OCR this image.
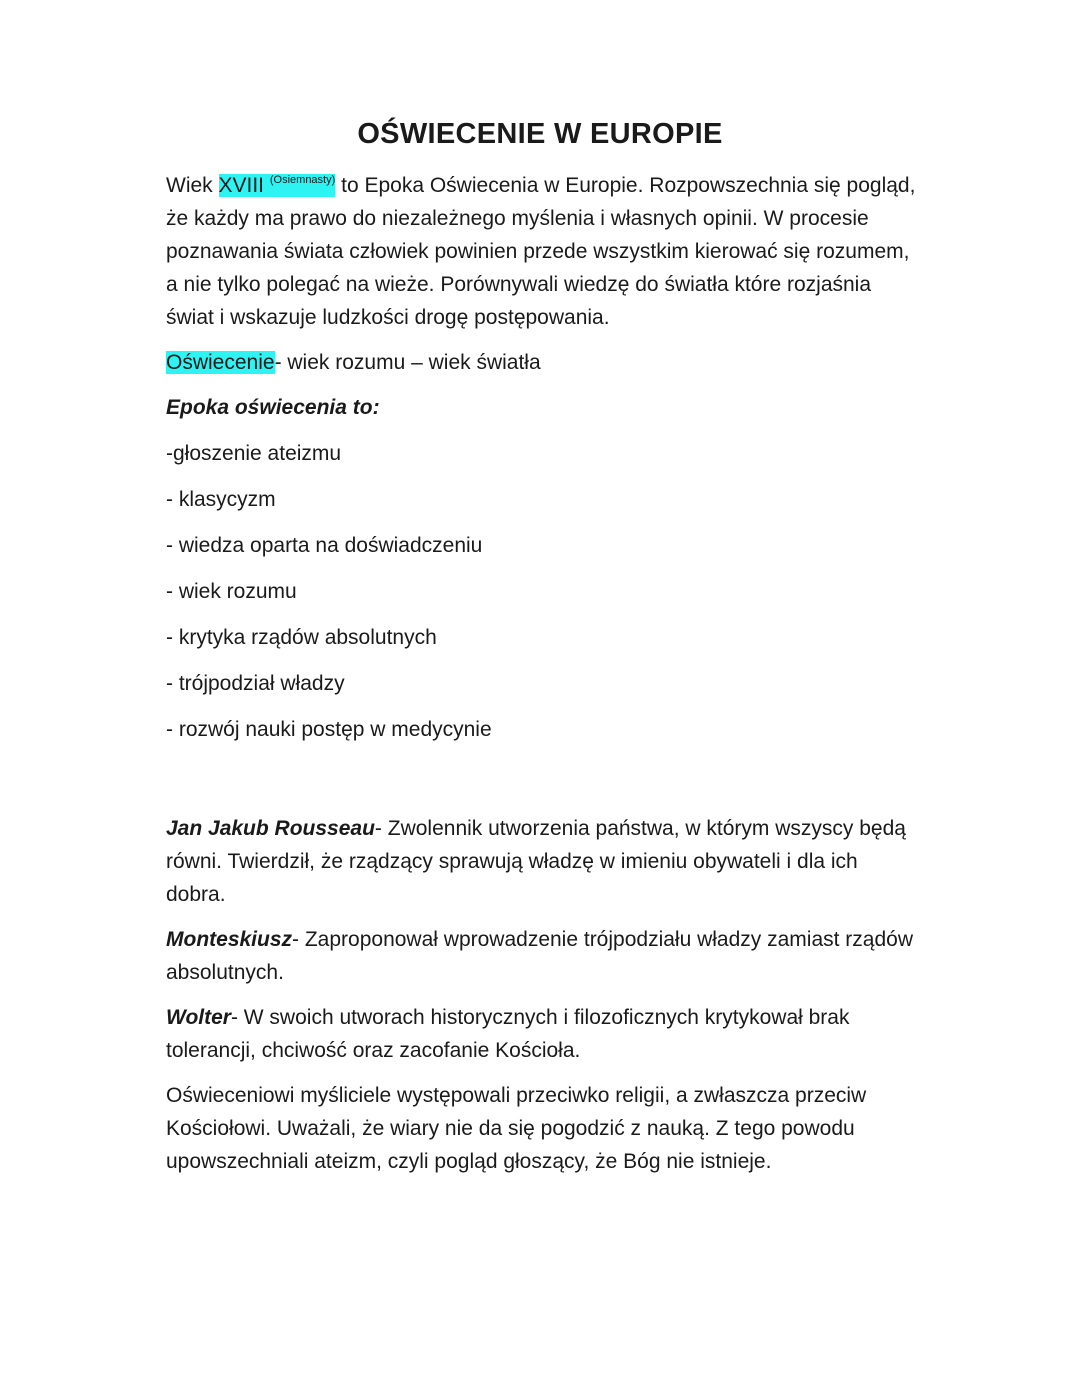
OŚWIECENIE W EUROPIE

Wiek XVIII $^{(Osiemnasty)}$ to Epoka Oświecenia w Europie. Rozpowszechnia się pogląd, że każdy ma prawo do niezależnego myślenia i własnych opinii. W procesie poznawania świata człowiek powinien przede wszystkim kierować się rozumem, a nie tylko polegać na wieże. Porównywali wiedzę do światła które rozjaśnia świat i wskazuje ludzkości drogę postępowania.

Oświecenie- wiek rozumu – wiek światła

Epoka oświecenia to:

-głoszenie ateizmu

- klasycyzm

- wiedza oparta na doświadczeniu

- wiek rozumu

- krytyka rządów absolutnych

- trójpodział władzy

- rozwój nauki postęp w medycynie

Jan Jakub Rousseau- Zwolennik utworzenia państwa, w którym wszyscy będą równi. Twierdził, że rządzący sprawują władzę w imieniu obywateli i dla ich dobra.

Monteskiusz- Zaproponował wprowadzenie trójpodziału władzy zamiast rządów absolutnych.

Wolter- W swoich utworach historycznych i filozoficznych krytykował brak tolerancji, chciwość oraz zacofanie Kościoła.

Oświeceniowi myśliciele występowali przeciwko religii, a zwłaszcza przeciw Kościołowi. Uważali, że wiary nie da się pogodzić z nauką. Z tego powodu upowszechniali ateizm, czyli pogląd głoszący, że Bóg nie istnieje.
